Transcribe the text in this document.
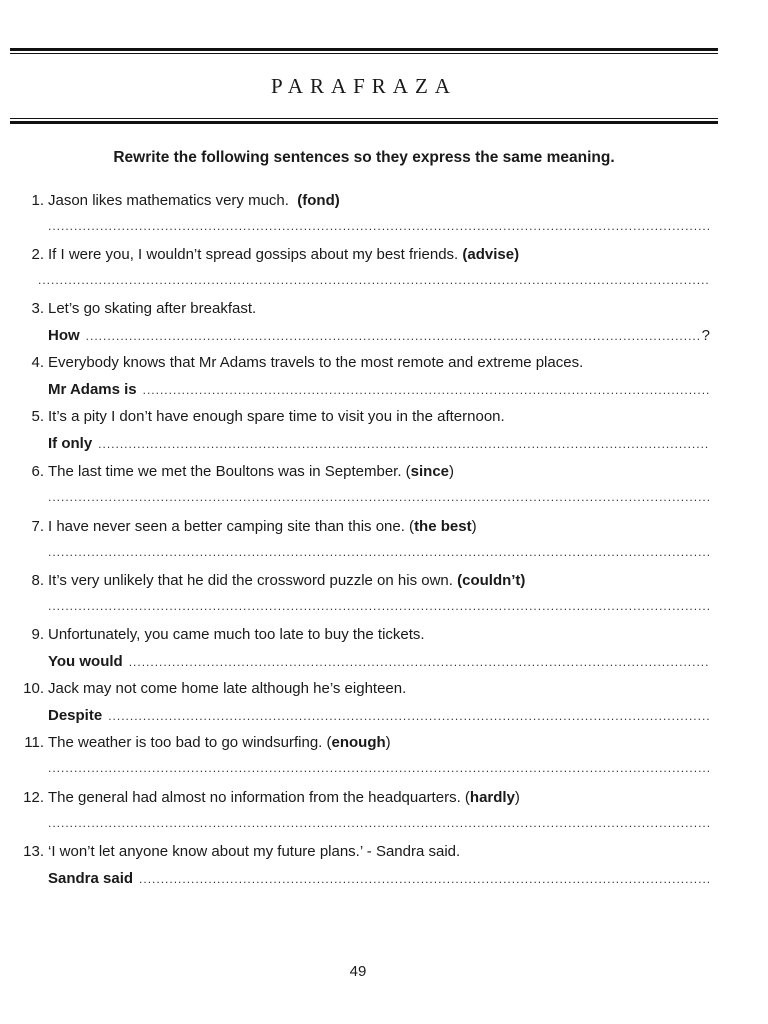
PARAFRAZA
Rewrite the following sentences so they express the same meaning.
1. Jason likes mathematics very much. (fond)
.....
2. If I were you, I wouldn’t spread gossips about my best friends. (advise)
.....
3. Let’s go skating after breakfast.
How
.....	?
4. Everybody knows that Mr Adams travels to the most remote and extreme places.
Mr Adams is
.....
5. It’s a pity I don’t have enough spare time to visit you in the afternoon.
If only
.....
6. The last time we met the Boultons was in September. ( since )
.....
7. I have never seen a better camping site than this one. ( the best )
.....
8. It’s very unlikely that he did the crossword puzzle on his own. (couldn’t)
.....
9. Unfortunately, you came much too late to buy the tickets.
You would
.....
10. Jack may not come home late although he’s eighteen.
Despite
.....
11. The weather is too bad to go windsurfing. ( enough )
.....
12. The general had almost no information from the headquarters. ( hardly )
.....
13. ‘I won’t let anyone know about my future plans.’ - Sandra said.
Sandra said
.....
49
